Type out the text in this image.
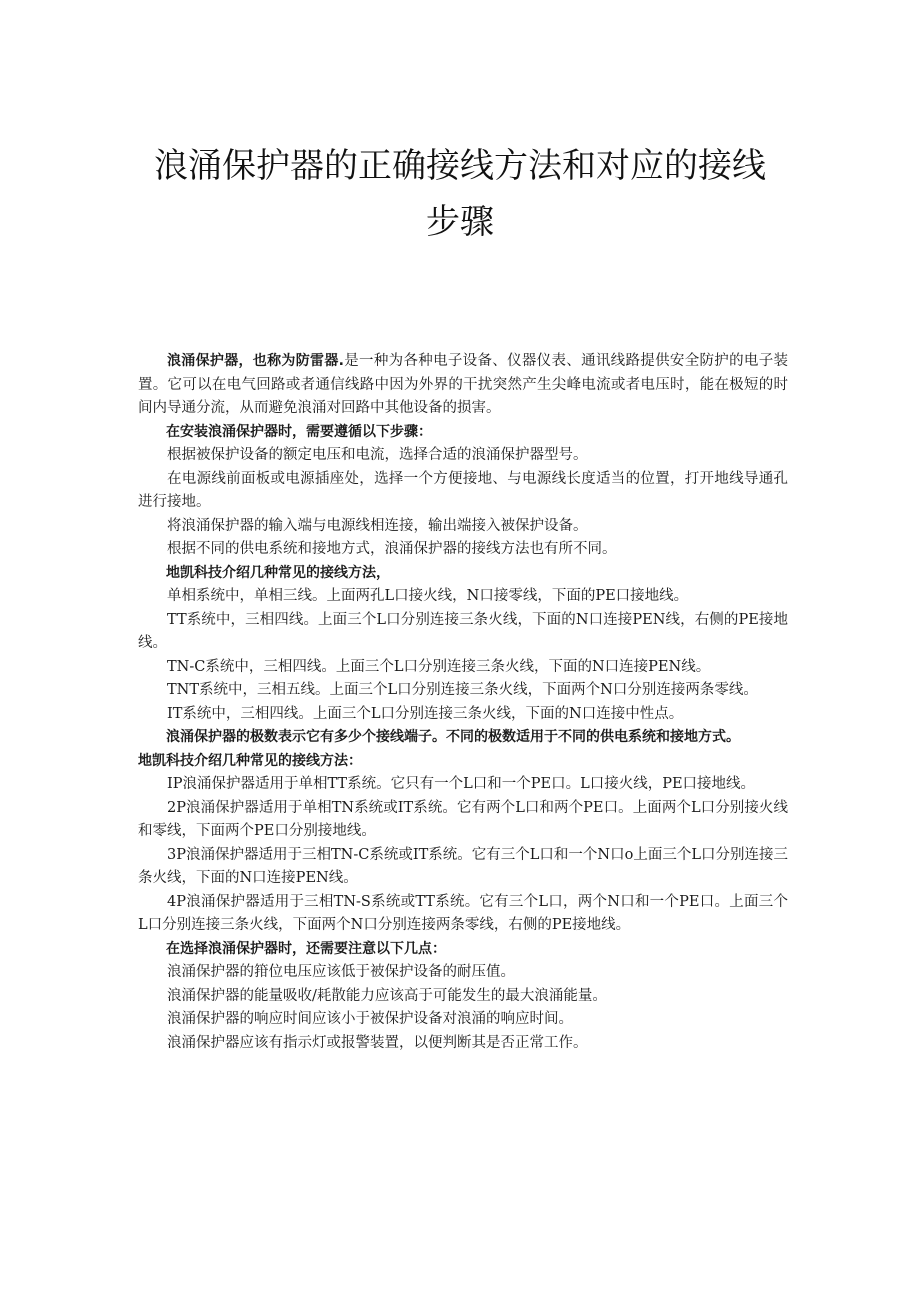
浪涌保护器的正确接线方法和对应的接线
步骤

浪涌保护器，也称为防雷器.是一种为各种电子设备、仪器仪表、通讯线路提供安全防护的电子装置。它可以在电气回路或者通信线路中因为外界的干扰突然产生尖峰电流或者电压时，能在极短的时间内导通分流，从而避免浪涌对回路中其他设备的损害。

在安装浪涌保护器时，需要遵循以下步骤：

根据被保护设备的额定电压和电流，选择合适的浪涌保护器型号。

在电源线前面板或电源插座处，选择一个方便接地、与电源线长度适当的位置，打开地线导通孔进行接地。

将浪涌保护器的输入端与电源线相连接，输出端接入被保护设备。

根据不同的供电系统和接地方式，浪涌保护器的接线方法也有所不同。

地凯科技介绍几种常见的接线方法，

单相系统中，单相三线。上面两孔L口接火线，N口接零线，下面的PE口接地线。

TT系统中，三相四线。上面三个L口分别连接三条火线，下面的N口连接PEN线，右侧的PE接地线。

TN-C系统中，三相四线。上面三个L口分别连接三条火线，下面的N口连接PEN线。

TNT系统中，三相五线。上面三个L口分别连接三条火线，下面两个N口分别连接两条零线。

IT系统中，三相四线。上面三个L口分别连接三条火线，下面的N口连接中性点。

浪涌保护器的极数表示它有多少个接线端子。不同的极数适用于不同的供电系统和接地方式。

地凯科技介绍几种常见的接线方法：

IP浪涌保护器适用于单相TT系统。它只有一个L口和一个PE口。L口接火线，PE口接地线。

2P浪涌保护器适用于单相TN系统或IT系统。它有两个L口和两个PE口。上面两个L口分别接火线和零线，下面两个PE口分别接地线。

3P浪涌保护器适用于三相TN-C系统或IT系统。它有三个L口和一个N口o上面三个L口分别连接三条火线，下面的N口连接PEN线。

4P浪涌保护器适用于三相TN-S系统或TT系统。它有三个L口，两个N口和一个PE口。上面三个L口分别连接三条火线，下面两个N口分别连接两条零线，右侧的PE接地线。

在选择浪涌保护器时，还需要注意以下几点：

浪涌保护器的箝位电压应该低于被保护设备的耐压值。

浪涌保护器的能量吸收/耗散能力应该高于可能发生的最大浪涌能量。

浪涌保护器的响应时间应该小于被保护设备对浪涌的响应时间。

浪涌保护器应该有指示灯或报警装置，以便判断其是否正常工作。
